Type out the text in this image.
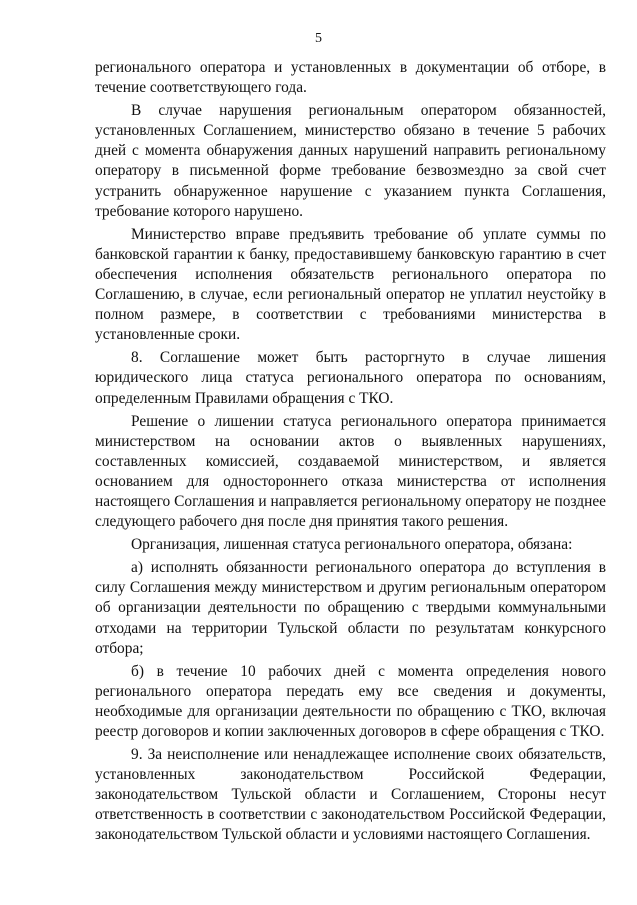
5

регионального оператора и установленных в документации об отборе, в течение соответствующего года.

В случае нарушения региональным оператором обязанностей, установленных Соглашением, министерство обязано в течение 5 рабочих дней с момента обнаружения данных нарушений направить региональному оператору в письменной форме требование безвозмездно за свой счет устранить обнаруженное нарушение с указанием пункта Соглашения, требование которого нарушено.

Министерство вправе предъявить требование об уплате суммы по банковской гарантии к банку, предоставившему банковскую гарантию в счет обеспечения исполнения обязательств регионального оператора по Соглашению, в случае, если региональный оператор не уплатил неустойку в полном размере, в соответствии с требованиями министерства в установленные сроки.

8. Соглашение может быть расторгнуто в случае лишения юридического лица статуса регионального оператора по основаниям, определенным Правилами обращения с ТКО.

Решение о лишении статуса регионального оператора принимается министерством на основании актов о выявленных нарушениях, составленных комиссией, создаваемой министерством, и является основанием для одностороннего отказа министерства от исполнения настоящего Соглашения и направляется региональному оператору не позднее следующего рабочего дня после дня принятия такого решения.

Организация, лишенная статуса регионального оператора, обязана:

а) исполнять обязанности регионального оператора до вступления в силу Соглашения между министерством и другим региональным оператором об организации деятельности по обращению с твердыми коммунальными отходами на территории Тульской области по результатам конкурсного отбора;

б) в течение 10 рабочих дней с момента определения нового регионального оператора передать ему все сведения и документы, необходимые для организации деятельности по обращению с ТКО, включая реестр договоров и копии заключенных договоров в сфере обращения с ТКО.

9. За неисполнение или ненадлежащее исполнение своих обязательств, установленных законодательством Российской Федерации, законодательством Тульской области и Соглашением, Стороны несут ответственность в соответствии с законодательством Российской Федерации, законодательством Тульской области и условиями настоящего Соглашения.
